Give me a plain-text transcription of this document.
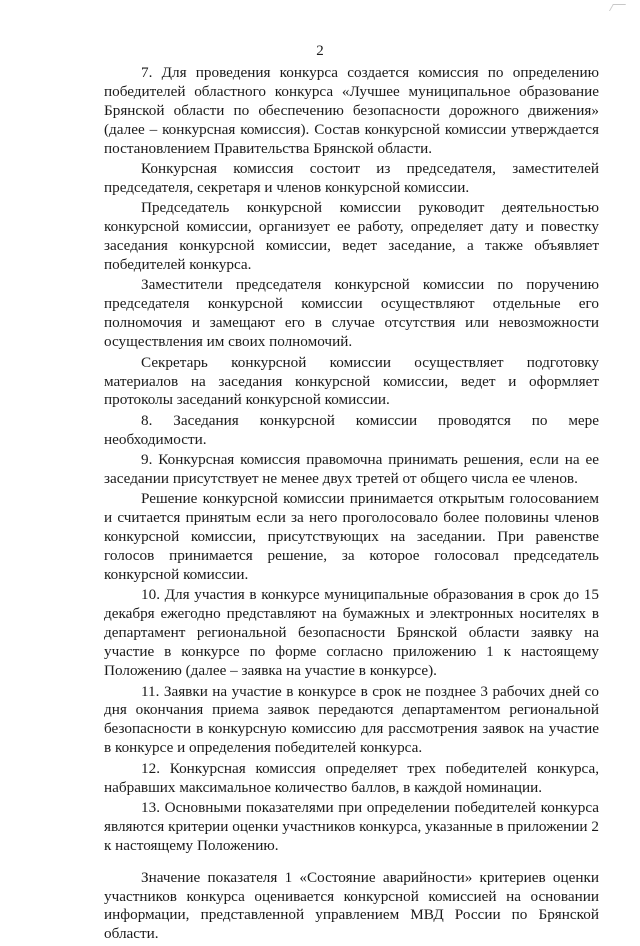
2

7. Для проведения конкурса создается комиссия по определению победителей областного конкурса «Лучшее муниципальное образование Брянской области по обеспечению безопасности дорожного движения» (далее – конкурсная комиссия). Состав конкурсной комиссии утверждается постановлением Правительства Брянской области.

Конкурсная комиссия состоит из председателя, заместителей председателя, секретаря и членов конкурсной комиссии.

Председатель конкурсной комиссии руководит деятельностью конкурсной комиссии, организует ее работу, определяет дату и повестку заседания конкурсной комиссии, ведет заседание, а также объявляет победителей конкурса.

Заместители председателя конкурсной комиссии по поручению председателя конкурсной комиссии осуществляют отдельные его полномочия и замещают его в случае отсутствия или невозможности осуществления им своих полномочий.

Секретарь конкурсной комиссии осуществляет подготовку материалов на заседания конкурсной комиссии, ведет и оформляет протоколы заседаний конкурсной комиссии.

8. Заседания конкурсной комиссии проводятся по мере необходимости.

9. Конкурсная комиссия правомочна принимать решения, если на ее заседании присутствует не менее двух третей от общего числа ее членов.

Решение конкурсной комиссии принимается открытым голосованием и считается принятым если за него проголосовало более половины членов конкурсной комиссии, присутствующих на заседании. При равенстве голосов принимается решение, за которое голосовал председатель конкурсной комиссии.

10. Для участия в конкурсе муниципальные образования в срок до 15 декабря ежегодно представляют на бумажных и электронных носителях в департамент региональной безопасности Брянской области заявку на участие в конкурсе по форме согласно приложению 1 к настоящему Положению (далее – заявка на участие в конкурсе).

11. Заявки на участие в конкурсе в срок не позднее 3 рабочих дней со дня окончания приема заявок передаются департаментом региональной безопасности в конкурсную комиссию для рассмотрения заявок на участие в конкурсе и определения победителей конкурса.

12. Конкурсная комиссия определяет трех победителей конкурса, набравших максимальное количество баллов, в каждой номинации.

13. Основными показателями при определении победителей конкурса являются критерии оценки участников конкурса, указанные в приложении 2 к настоящему Положению.

Значение показателя 1 «Состояние аварийности» критериев оценки участников конкурса оценивается конкурсной комиссией на основании информации, представленной управлением МВД России по Брянской области.
